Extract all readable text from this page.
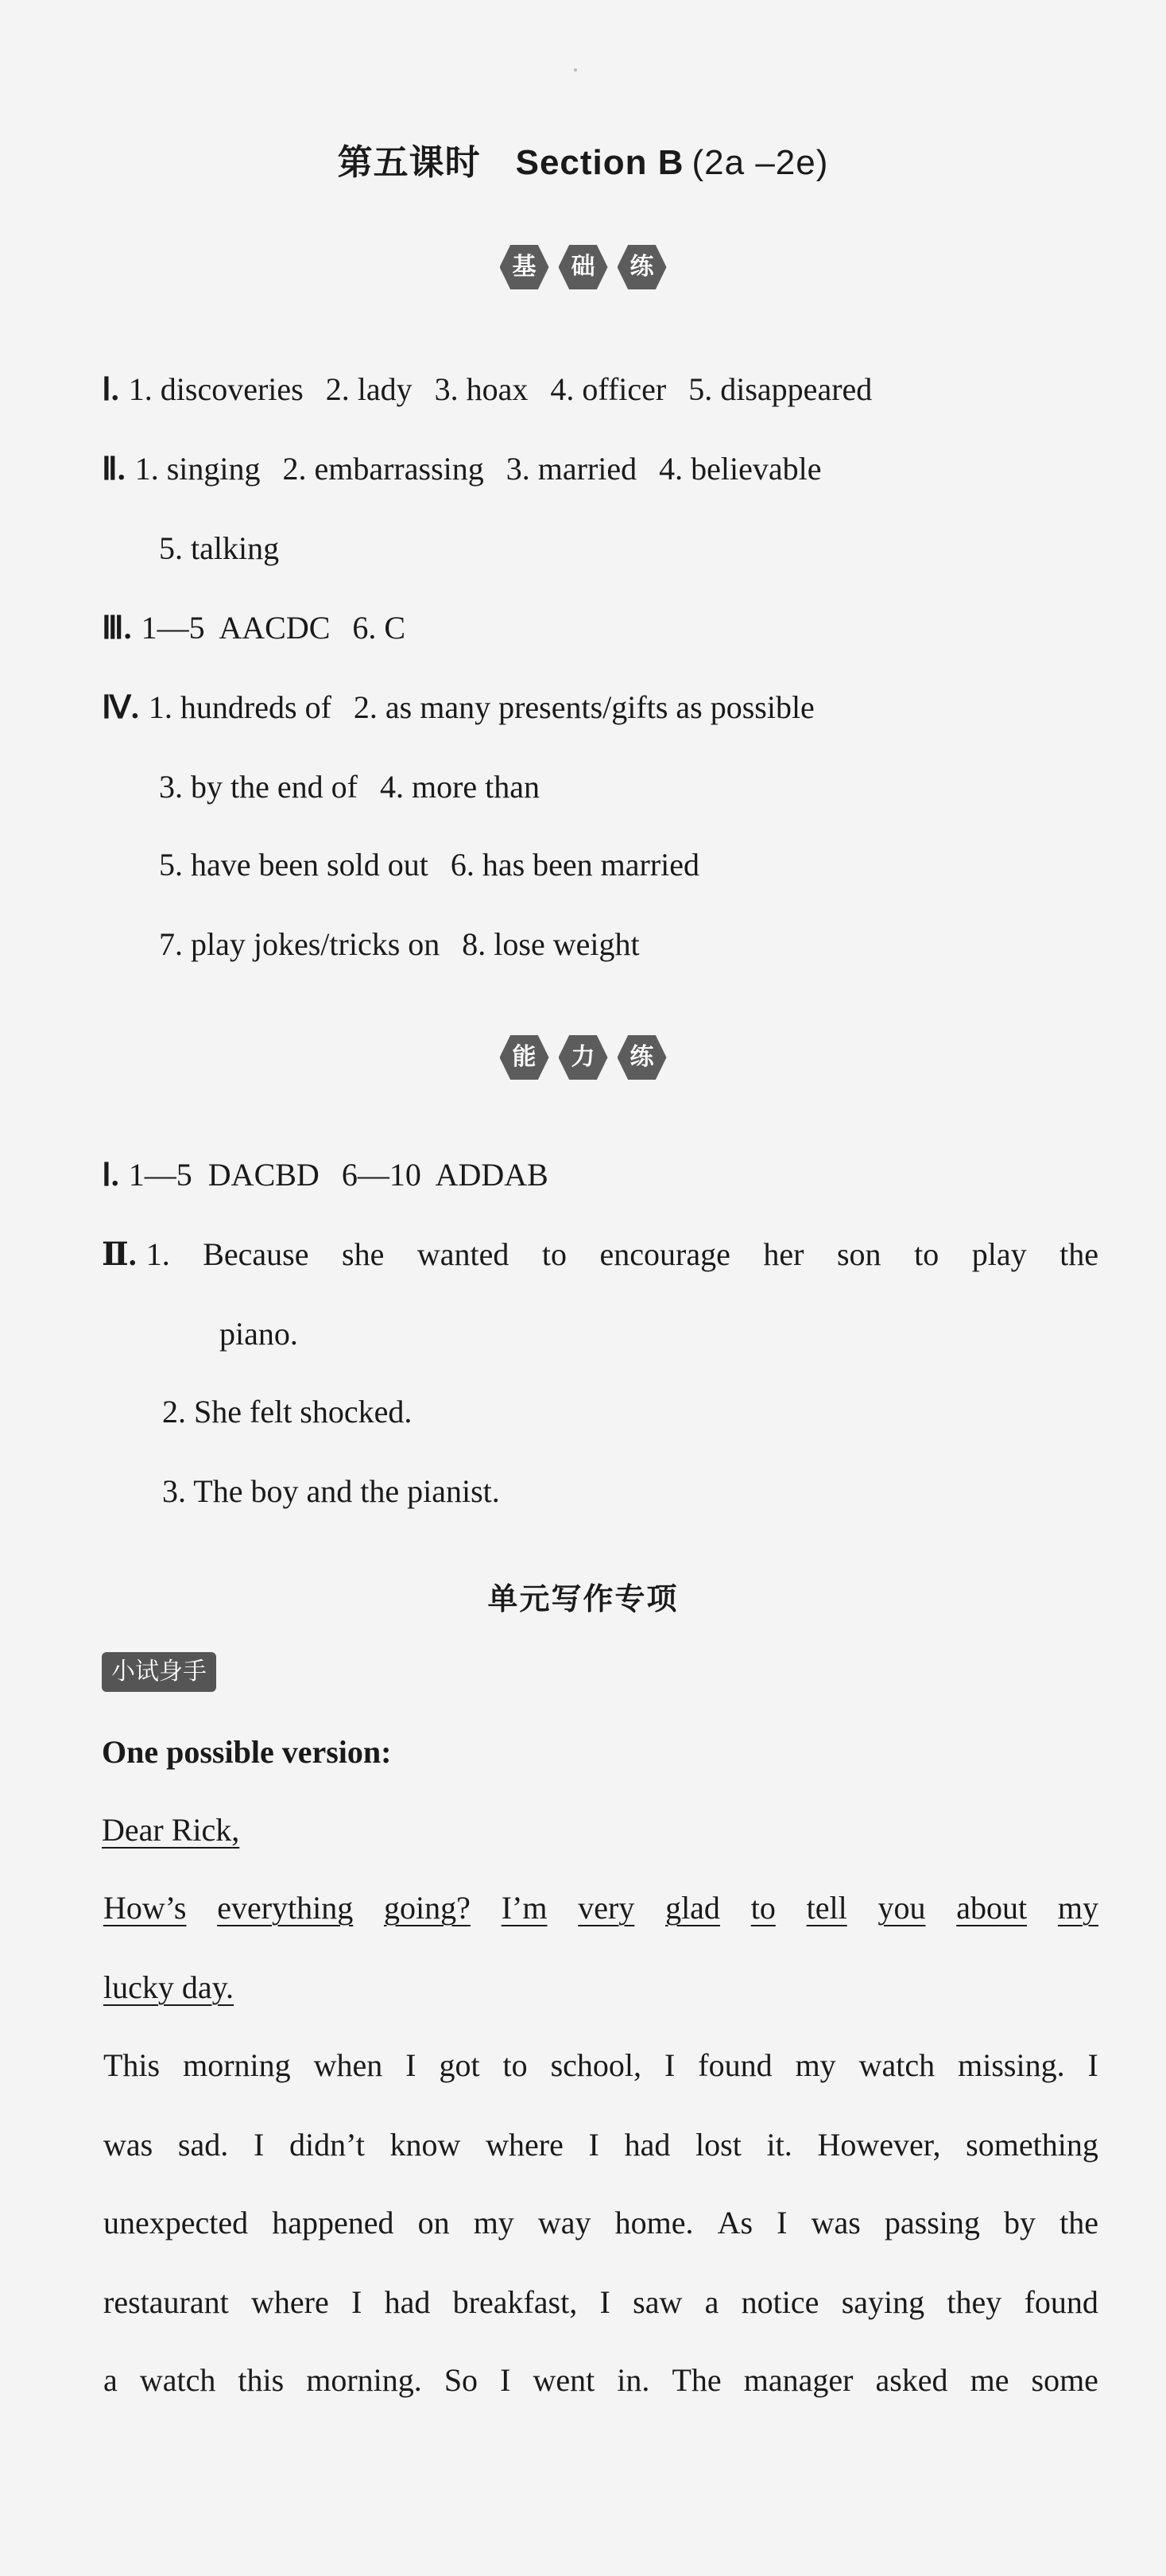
第五课时 Section B (2a –2e)
基	础	练
Ⅰ. 1. discoveries 2. lady 3. hoax 4. officer 5. disappeared
Ⅱ. 1. singing 2. embarrassing 3. married 4. believable
5. talking
Ⅲ. 1—5  AACDC 6. C
Ⅳ. 1. hundreds of 2. as many presents/gifts as possible
3. by the end of 4. more than
5. have been sold out 6. has been married
7. play jokes/tricks on 8. lose weight
能	力	练
Ⅰ. 1—5  DACBD 6—10  ADDAB
Ⅱ. 1. Because she wanted to encourage her son to play the
piano.
2. She felt shocked.
3. The boy and the pianist.
单元写作专项
小试身手
One possible version:
Dear Rick,
How’s everything going? I’m very glad to tell you about my
lucky day.
This morning when I got to school, I found my watch missing. I
was sad. I didn’t know where I had lost it. However, something
unexpected happened on my way home. As I was passing by the
restaurant where I had breakfast, I saw a notice saying they found
a watch this morning. So I went in. The manager asked me some
